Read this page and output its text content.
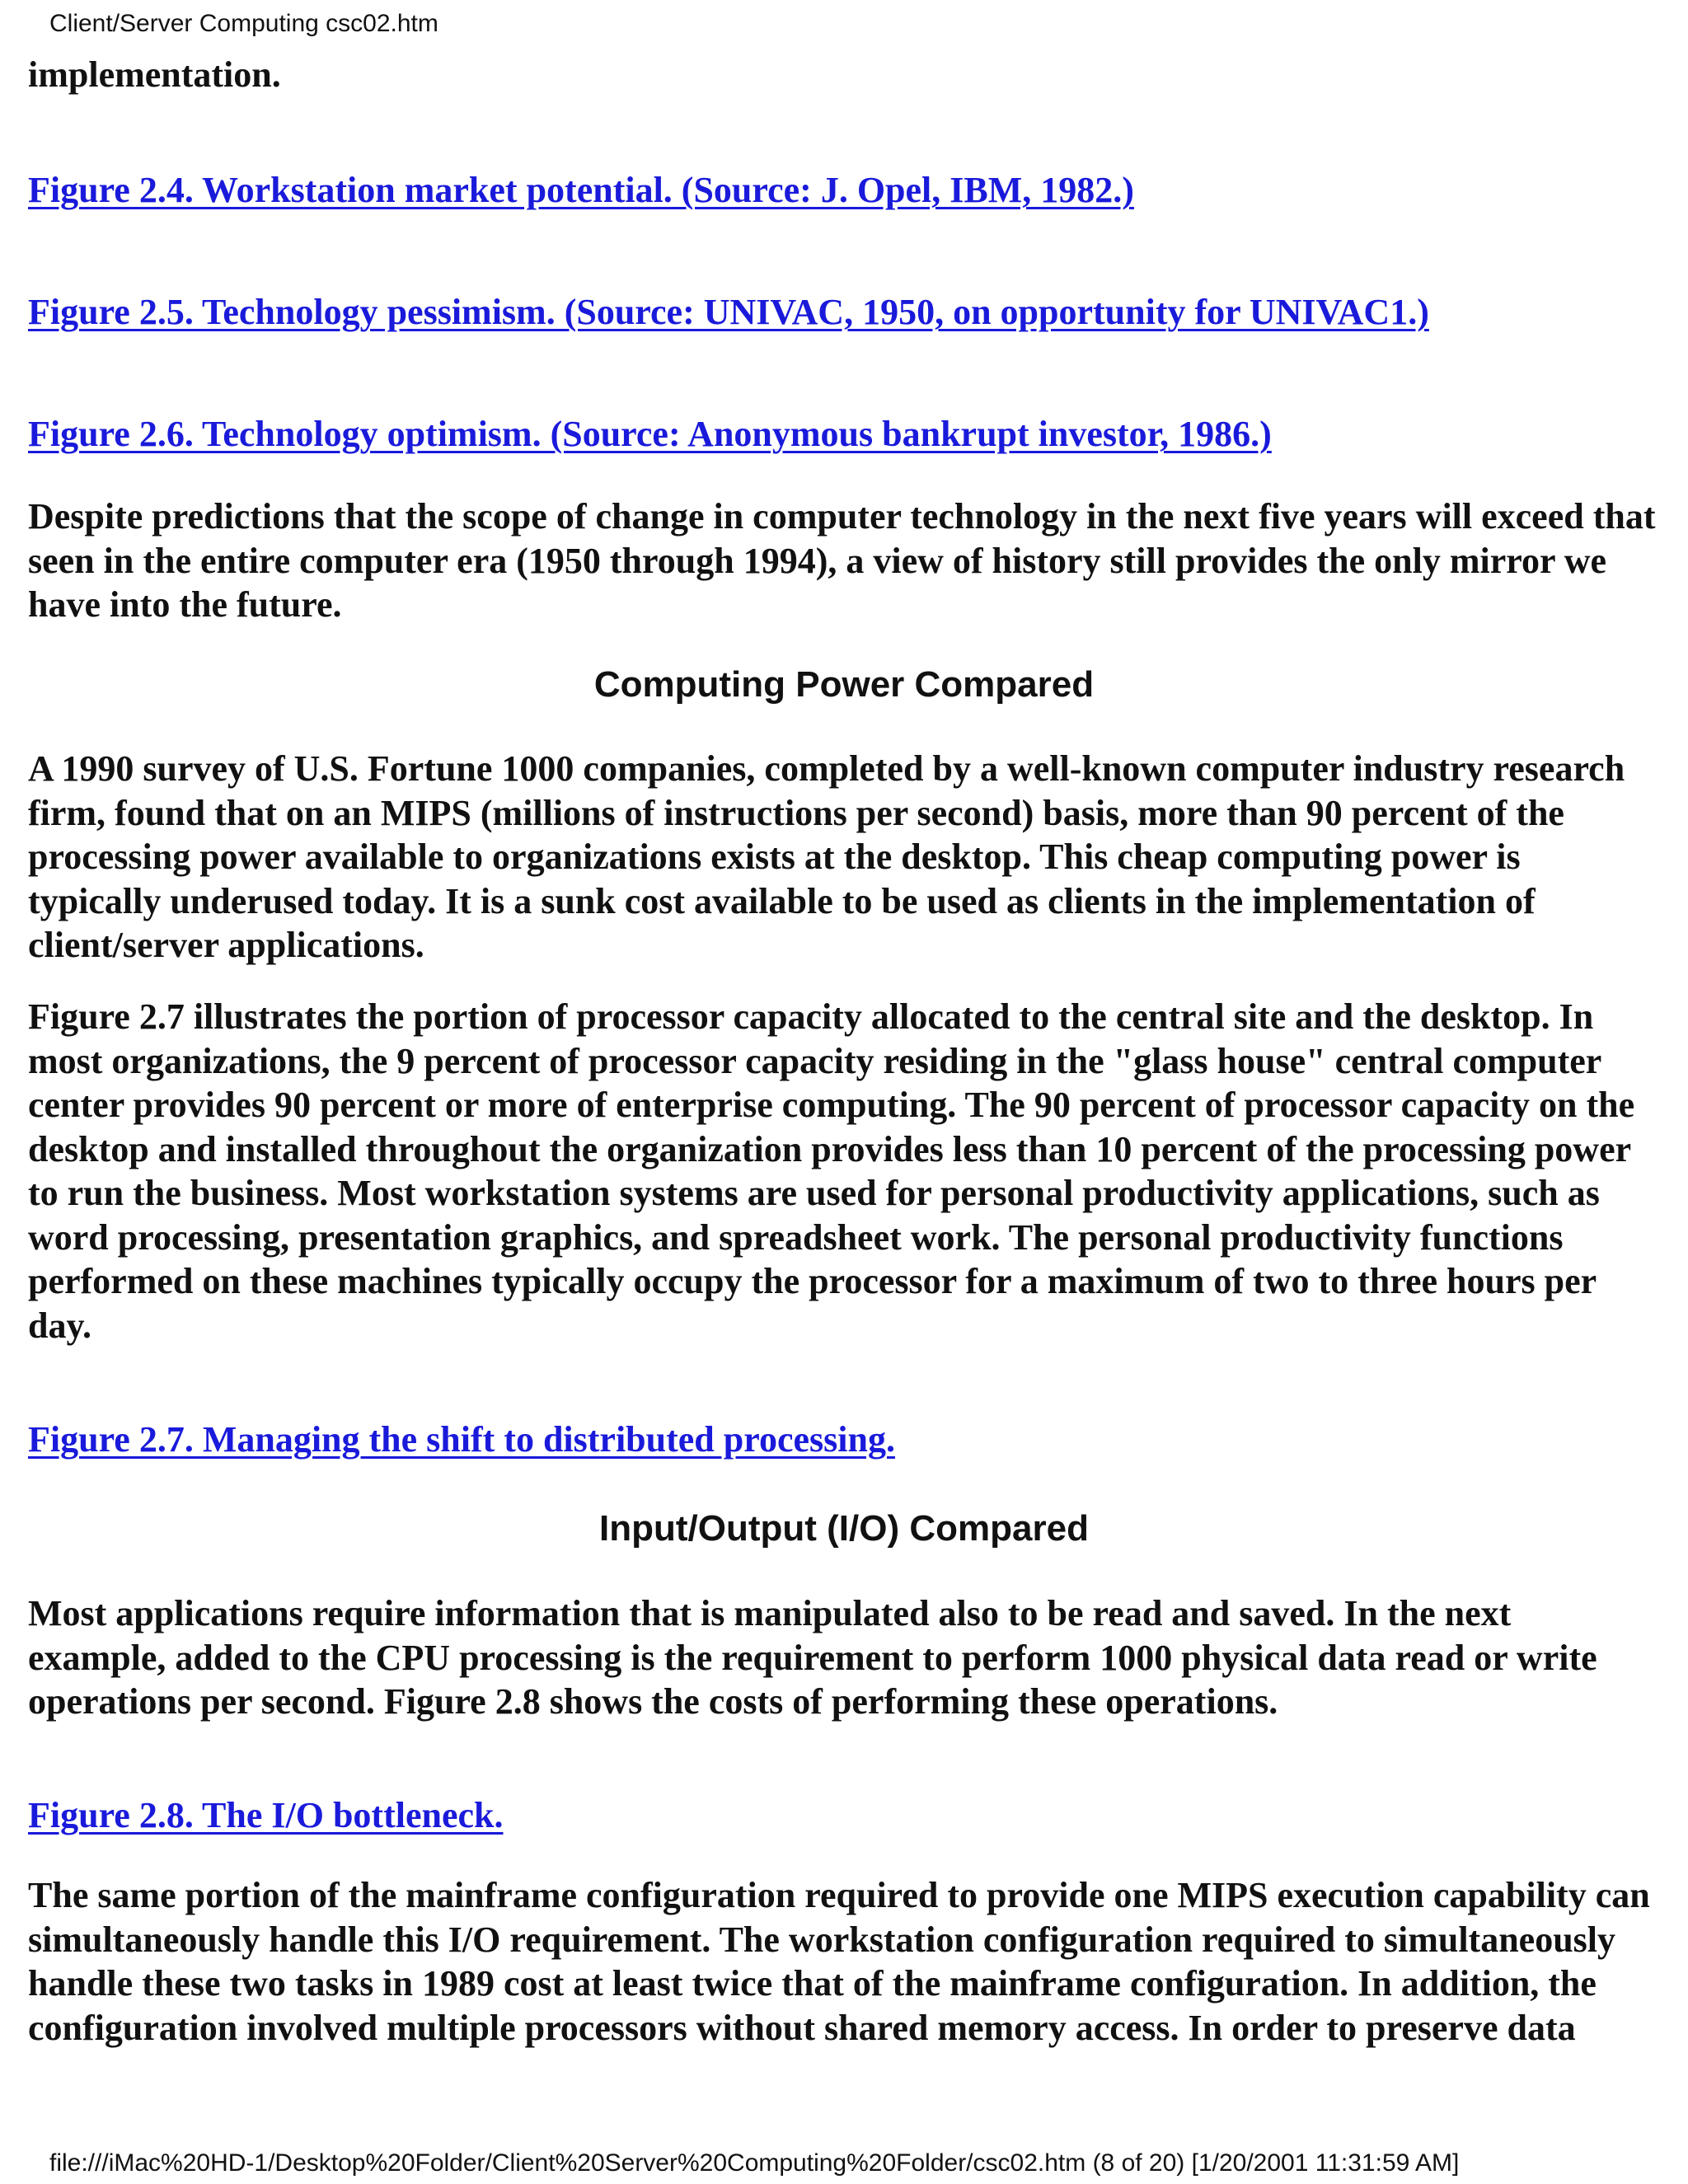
Client/Server Computing csc02.htm

implementation.

Figure 2.4. Workstation market potential. (Source: J. Opel, IBM, 1982.)
Figure 2.5. Technology pessimism. (Source: UNIVAC, 1950, on opportunity for UNIVAC1.)
Figure 2.6. Technology optimism. (Source: Anonymous bankrupt investor, 1986.)

Despite predictions that the scope of change in computer technology in the next five years will exceed that seen in the entire computer era (1950 through 1994), a view of history still provides the only mirror we have into the future.

Computing Power Compared

A 1990 survey of U.S. Fortune 1000 companies, completed by a well-known computer industry research firm, found that on an MIPS (millions of instructions per second) basis, more than 90 percent of the processing power available to organizations exists at the desktop. This cheap computing power is typically underused today. It is a sunk cost available to be used as clients in the implementation of client/server applications.

Figure 2.7 illustrates the portion of processor capacity allocated to the central site and the desktop. In most organizations, the 9 percent of processor capacity residing in the "glass house" central computer center provides 90 percent or more of enterprise computing. The 90 percent of processor capacity on the desktop and installed throughout the organization provides less than 10 percent of the processing power to run the business. Most workstation systems are used for personal productivity applications, such as word processing, presentation graphics, and spreadsheet work. The personal productivity functions performed on these machines typically occupy the processor for a maximum of two to three hours per day.

Figure 2.7. Managing the shift to distributed processing.
Input/Output (I/O) Compared

Most applications require information that is manipulated also to be read and saved. In the next example, added to the CPU processing is the requirement to perform 1000 physical data read or write operations per second. Figure 2.8 shows the costs of performing these operations.

Figure 2.8. The I/O bottleneck.

The same portion of the mainframe configuration required to provide one MIPS execution capability can simultaneously handle this I/O requirement. The workstation configuration required to simultaneously handle these two tasks in 1989 cost at least twice that of the mainframe configuration. In addition, the configuration involved multiple processors without shared memory access. In order to preserve data

file:///iMac%20HD-1/Desktop%20Folder/Client%20Server%20Computing%20Folder/csc02.htm (8 of 20) [1/20/2001 11:31:59 AM]
